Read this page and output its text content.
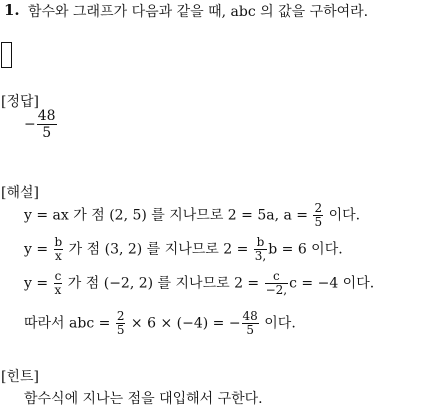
1. 함수와 그래프가 다음과 같을 때, abc 의 값을 구하여라.
[정답]
− $\frac{48}{5}$
[해설]
y = ax 가 점 (2, 5) 를 지나므로 2 = 5a, $a = \frac{2}{5}$ 이다.
$y = \frac{b}{x}$ 가 점 (3, 2) 를 지나므로 $2 = \frac{b}{3,}$ b = 6 이다.
$y = \frac{c}{x}$ 가 점 (−2, 2) 를 지나므로 $2 = \frac{c}{-2,}$ c = −4 이다.
따라서 abc = $\frac{2}{5} \times 6 \times (-4)$ = − $\frac{48}{5}$ 이다.
[힌트]
함수식에 지나는 점을 대입해서 구한다.
